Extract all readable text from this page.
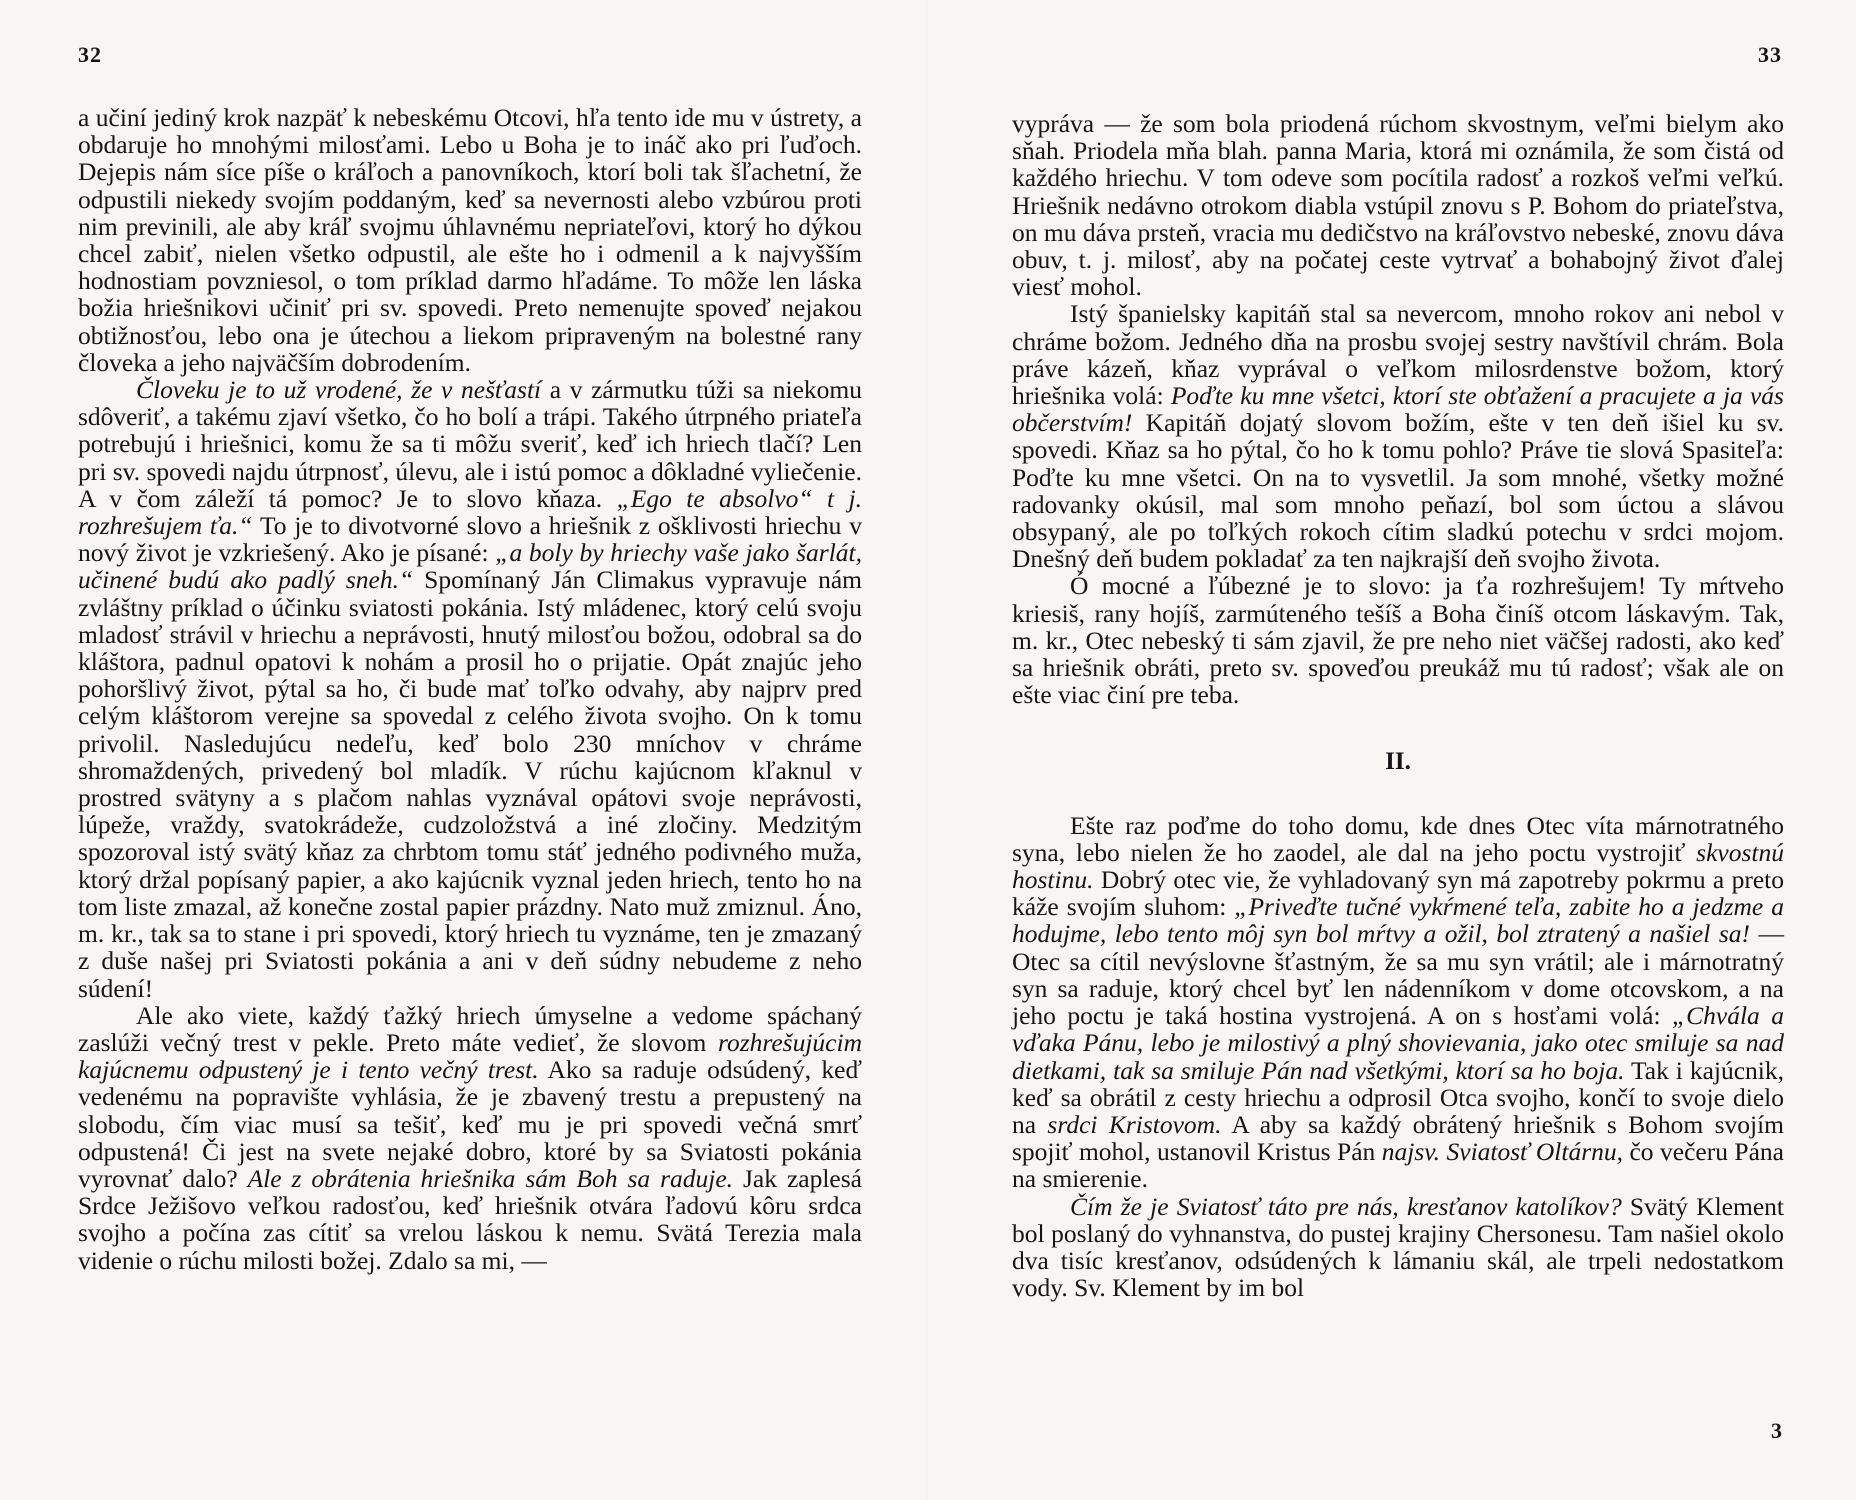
32

a učiní jediný krok nazpäť k nebeskému Otcovi, hľa tento ide mu v ústrety, a obdaruje ho mnohými milosťami. Lebo u Boha je to ináč ako pri ľuďoch. Dejepis nám síce píše o kráľoch a panovníkoch, ktorí boli tak šľachetní, že odpustili niekedy svojím poddaným, keď sa nevernosti alebo vzbúrou proti nim previnili, ale aby kráľ svojmu úhlavnému nepriateľovi, ktorý ho dýkou chcel zabiť, nielen všetko odpustil, ale ešte ho i odmenil a k najvyšším hodnostiam povzniesol, o tom príklad darmo hľadáme. To môže len láska božia hriešnikovi učiniť pri sv. spovedi. Preto nemenujte spoveď nejakou obtižnosťou, lebo ona je útechou a liekom pripraveným na bolestné rany človeka a jeho najväčším dobrodením.

Človeku je to už vrodené, že v nešťastí a v zármutku túži sa niekomu sdôveriť, a takému zjaví všetko, čo ho bolí a trápi. Takého útrpného priateľa potrebujú i hriešnici, komu že sa ti môžu sveriť, keď ich hriech tlačí? Len pri sv. spovedi najdu útrpnosť, úlevu, ale i istú pomoc a dôkladné vyliečenie. A v čom záleží tá pomoc? Je to slovo kňaza. „Ego te absolvo“ t j. rozhrešujem ťa.“ To je to divotvorné slovo a hriešnik z ošklivosti hriechu v nový život je vzkriešený. Ako je písané: „a boly by hriechy vaše jako šarlát, učinené budú ako padlý sneh.“ Spomínaný Ján Climakus vypravuje nám zvláštny príklad o účinku sviatosti pokánia. Istý mládenec, ktorý celú svoju mladosť strávil v hriechu a neprávosti, hnutý milosťou božou, odobral sa do kláštora, padnul opatovi k nohám a prosil ho o prijatie. Opát znajúc jeho pohoršlivý život, pýtal sa ho, či bude mať toľko odvahy, aby najprv pred celým kláštorom verejne sa spovedal z celého života svojho. On k tomu privolil. Nasledujúcu nedeľu, keď bolo 230 mníchov v chráme shromaždených, privedený bol mladík. V rúchu kajúcnom kľaknul v prostred svätyny a s plačom nahlas vyznával opátovi svoje neprávosti, lúpeže, vraždy, svatokrádeže, cudzoložstvá a iné zločiny. Medzitým spozoroval istý svätý kňaz za chrbtom tomu stáť jedného podivného muža, ktorý držal popísaný papier, a ako kajúcnik vyznal jeden hriech, tento ho na tom liste zmazal, až konečne zostal papier prázdny. Nato muž zmiznul. Áno, m. kr., tak sa to stane i pri spovedi, ktorý hriech tu vyznáme, ten je zmazaný z duše našej pri Sviatosti pokánia a ani v deň súdny nebudeme z neho súdení!

Ale ako viete, každý ťažký hriech úmyselne a vedome spáchaný zaslúži večný trest v pekle. Preto máte vedieť, že slovom rozhrešujúcim kajúcnemu odpustený je i tento večný trest. Ako sa raduje odsúdený, keď vedenému na popravište vyhlásia, že je zbavený trestu a prepustený na slobodu, čím viac musí sa tešiť, keď mu je pri spovedi večná smrť odpustená! Či jest na svete nejaké dobro, ktoré by sa Sviatosti pokánia vyrovnať dalo? Ale z obrátenia hriešnika sám Boh sa raduje. Jak zaplesá Srdce Ježišovo veľkou radosťou, keď hriešnik otvára ľadovú kôru srdca svojho a počína zas cítiť sa vrelou láskou k nemu. Svätá Terezia mala videnie o rúchu milosti božej. Zdalo sa mi, —

33

vyprávа — že som bola priodená rúchom skvostnym, veľmi bielym ako sňah. Priodela mňa blah. panna Maria, ktorá mi oznámila, že som čistá od každého hriechu. V tom odeve som pocítila radosť a rozkoš veľmi veľkú. Hriešnik nedávno otrokom diabla vstúpil znovu s P. Bohom do priateľstva, on mu dáva prsteň, vracia mu dedičstvo na kráľovstvo nebeské, znovu dáva obuv, t. j. milosť, aby na počatej ceste vytrvať a bohabojný život ďalej viesť mohol.

Istý španielsky kapitáň stal sa nevercom, mnoho rokov ani nebol v chráme božom. Jedného dňa na prosbu svojej sestry navštívil chrám. Bola práve kázeň, kňaz vyprával o veľkom milosrdenstve božom, ktorý hriešnika volá: Poďte ku mne všetci, ktorí ste obťažení a pracujete a ja vás občerstvím! Kapitáň dojatý slovom božím, ešte v ten deň išiel ku sv. spovedi. Kňaz sa ho pýtal, čo ho k tomu pohlo? Práve tie slová Spasiteľa: Poďte ku mne všetci. On na to vysvetlil. Ja som mnohé, všetky možné radovanky okúsil, mal som mnoho peňazí, bol som úctou a slávou obsypaný, ale po toľkých rokoch cítim sladkú potechu v srdci mojom. Dnešný deň budem pokladať za ten najkrajší deň svojho života.

Ó mocné a ľúbezné je to slovo: ja ťa rozhrešujem! Ty mŕtveho kriesiš, rany hojíš, zarmúteného tešíš a Boha činíš otcom láskavým. Tak, m. kr., Otec nebeský ti sám zjavil, že pre neho niet väčšej radosti, ako keď sa hriešnik obráti, preto sv. spoveďou preukáž mu tú radosť; však ale on ešte viac činí pre teba.

II.

Ešte raz poďme do toho domu, kde dnes Otec víta márnotratného syna, lebo nielen že ho zaodel, ale dal na jeho poctu vystrojiť skvostnú hostinu. Dobrý otec vie, že vyhladovaný syn má zapotreby pokrmu a preto káže svojím sluhom: „Priveďte tučné vykŕmené teľa, zabite ho a jedzme a hodujme, lebo tento môj syn bol mŕtvy a ožil, bol ztratený a našiel sa! — Otec sa cítil nevýslovne šťastným, že sa mu syn vrátil; ale i márnotratný syn sa raduje, ktorý chcel byť len nádenníkom v dome otcovskom, a na jeho poctu je taká hostina vystrojená. A on s hosťami volá: „Chvála a vďaka Pánu, lebo je milostivý a plný shovievania, jako otec smiluje sa nad dietkami, tak sa smiluje Pán nad všetkými, ktorí sa ho boja. Tak i kajúcnik, keď sa obrátil z cesty hriechu a odprosil Otca svojho, končí to svoje dielo na srdci Kristovom. A aby sa každý obrátený hriešnik s Bohom svojím spojiť mohol, ustanovil Kristus Pán najsv. Sviatosť Oltárnu, čo večeru Pána na smierenie.

Čím že je Sviatosť táto pre nás, kresťanov katolíkov? Svätý Klement bol poslaný do vyhnanstva, do pustej krajiny Chersonesu. Tam našiel okolo dva tisíc kresťanov, odsúdených k lámaniu skál, ale trpeli nedostatkom vody. Sv. Klement by im bol

3
